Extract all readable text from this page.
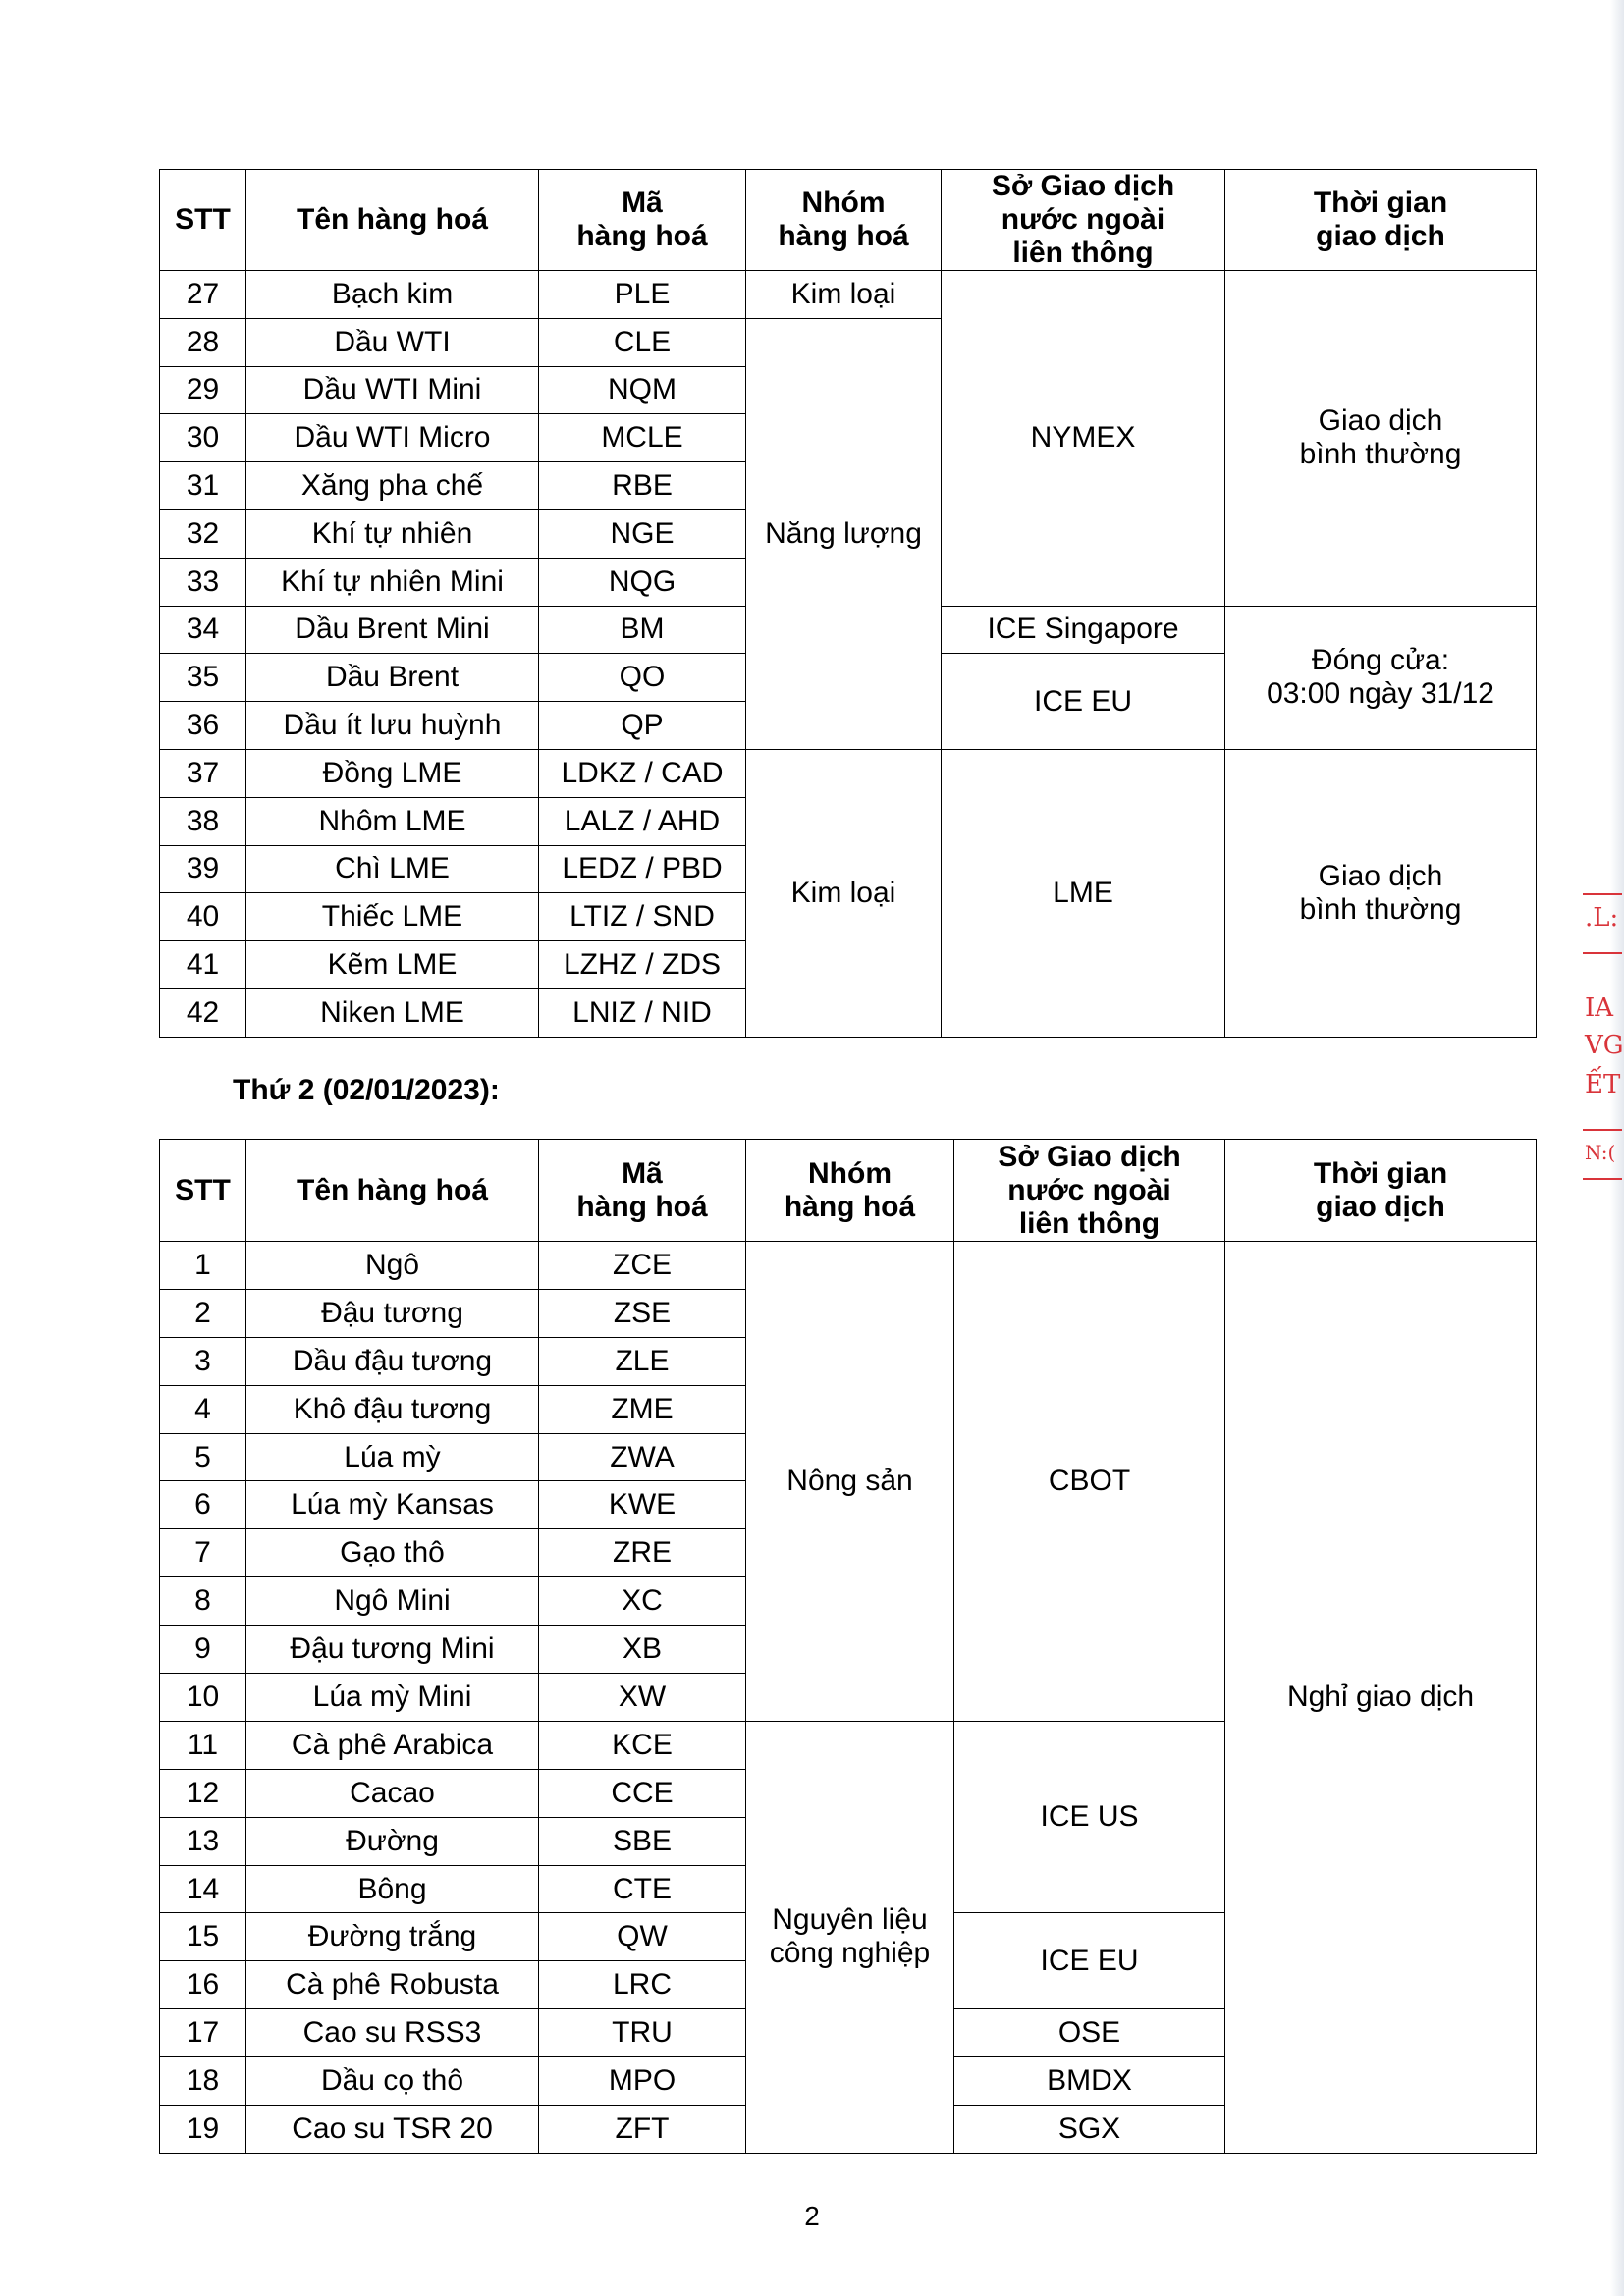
.L:
IA
VG
ẾT
N:(
STT	Tên hàng hoá	Mã
hàng hoá	Nhóm
hàng hoá	Sở Giao dịch
nước ngoài
liên thông	Thời gian
giao dịch
27	Bạch kim	PLE	Kim loại	NYMEX	Giao dịch
bình thường
28	Dầu WTI	CLE	Năng lượng		
29	Dầu WTI Mini	NQM			
30	Dầu WTI Micro	MCLE			
31	Xăng pha chế	RBE			
32	Khí tự nhiên	NGE			
33	Khí tự nhiên Mini	NQG			
34	Dầu Brent Mini	BM		ICE Singapore	Đóng cửa:
03:00 ngày 31/12
35	Dầu Brent	QO		ICE EU	
36	Dầu ít lưu huỳnh	QP			
37	Đồng LME	LDKZ / CAD	Kim loại	LME	Giao dịch
bình thường
38	Nhôm LME	LALZ / AHD			
39	Chì LME	LEDZ / PBD			
40	Thiếc LME	LTIZ / SND			
41	Kẽm LME	LZHZ / ZDS			
42	Niken LME	LNIZ / NID			
Thứ 2 (02/01/2023):
STT	Tên hàng hoá	Mã
hàng hoá	Nhóm
hàng hoá	Sở Giao dịch
nước ngoài
liên thông	Thời gian
giao dịch
1	Ngô	ZCE	Nông sản	CBOT	Nghỉ giao dịch
2	Đậu tương	ZSE			
3	Dầu đậu tương	ZLE			
4	Khô đậu tương	ZME			
5	Lúa mỳ	ZWA			
6	Lúa mỳ Kansas	KWE			
7	Gạo thô	ZRE			
8	Ngô Mini	XC			
9	Đậu tương Mini	XB			
10	Lúa mỳ Mini	XW			
11	Cà phê Arabica	KCE	Nguyên liệu
công nghiệp	ICE US	
12	Cacao	CCE			
13	Đường	SBE			
14	Bông	CTE			
15	Đường trắng	QW		ICE EU	
16	Cà phê Robusta	LRC			
17	Cao su RSS3	TRU		OSE	
18	Dầu cọ thô	MPO		BMDX	
19	Cao su TSR 20	ZFT		SGX	
2
